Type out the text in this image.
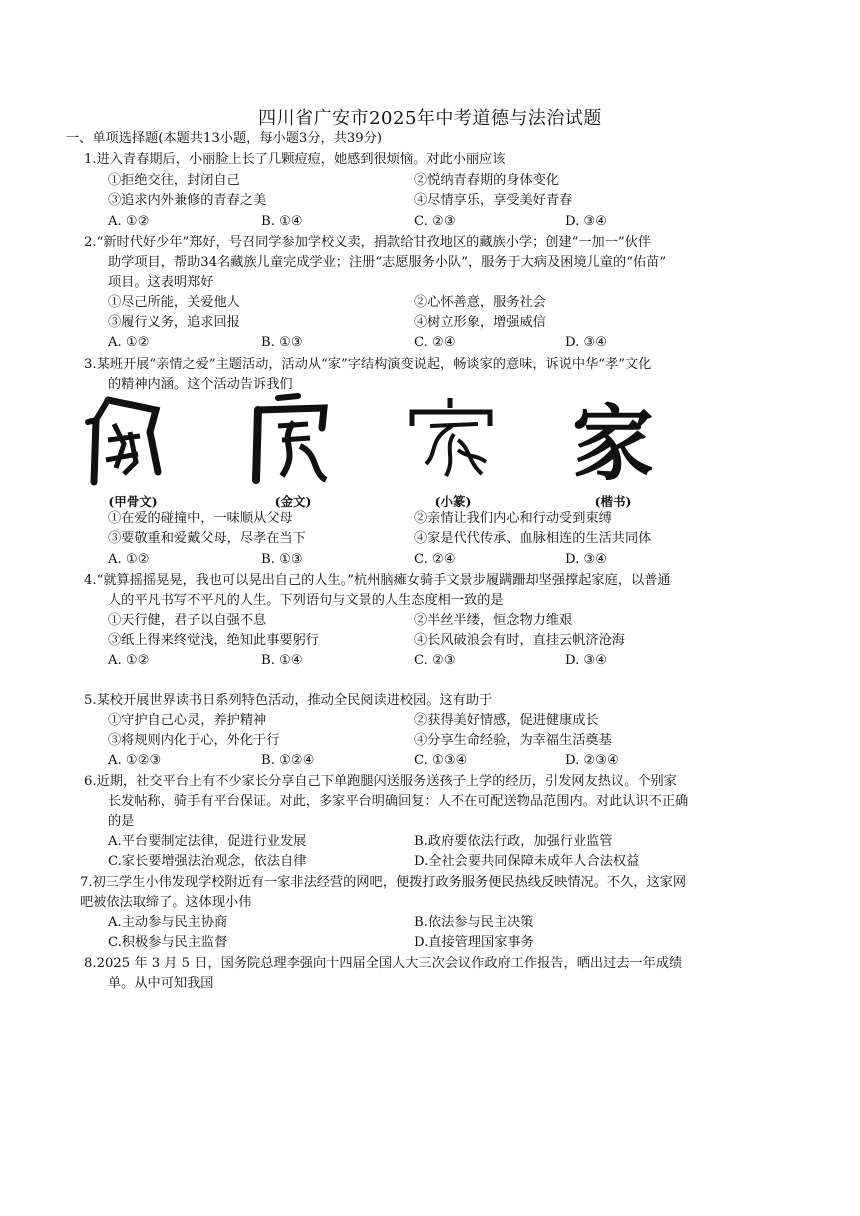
四川省广安市2025年中考道德与法治试题
一、单项选择题(本题共13小题，每小题3分，共39分)
1.进入青春期后，小丽脸上长了几颗痘痘，她感到很烦恼。对此小丽应该
①拒绝交往，封闭自己	②悦纳青春期的身体变化
③追求内外兼修的青春之美	④尽情享乐，享受美好青春
A. ①②	B. ①④	C. ②③	D. ③④
2.“新时代好少年”郑好，号召同学参加学校义卖，捐款给甘孜地区的藏族小学；创建“一加一”伙伴
助学项目，帮助34名藏族儿童完成学业；注册“志愿服务小队”，服务于大病及困境儿童的“佑苗”
项目。这表明郑好
①尽己所能，关爱他人	②心怀善意，服务社会
③履行义务，追求回报	④树立形象，增强威信
A. ①②	B. ①③	C. ②④	D. ③④
3.某班开展“亲情之爱”主题活动，活动从“家”字结构演变说起，畅谈家的意味，诉说中华“孝”文化
的精神内涵。这个活动告诉我们
(甲骨文)	(金文)	(小篆)
家
(楷书)
①在爱的碰撞中，一味顺从父母	②亲情让我们内心和行动受到束缚
③要敬重和爱戴父母，尽孝在当下	④家是代代传承、血脉相连的生活共同体
A. ①②	B. ①③	C. ②④	D. ③④
4.“就算摇摇晃晃，我也可以晃出自己的人生。”杭州脑瘫女骑手文景步履蹒跚却坚强撑起家庭，以普通
人的平凡书写不平凡的人生。下列语句与文景的人生态度相一致的是
①天行健，君子以自强不息	②半丝半缕，恒念物力维艰
③纸上得来终觉浅，绝知此事要躬行	④长风破浪会有时，直挂云帆济沧海
A. ①②	B. ①④	C. ②③	D. ③④
5.某校开展世界读书日系列特色活动，推动全民阅读进校园。这有助于
①守护自己心灵，养护精神	②获得美好情感，促进健康成长
③将规则内化于心，外化于行	④分享生命经验，为幸福生活奠基
A. ①②③	B. ①②④	C. ①③④	D. ②③④
6.近期，社交平台上有不少家长分享自己下单跑腿闪送服务送孩子上学的经历，引发网友热议。个别家
长发帖称，骑手有平台保证。对此，多家平台明确回复：人不在可配送物品范围内。对此认识不正确
的是
A.平台要制定法律，促进行业发展	B.政府要依法行政，加强行业监管
C.家长要增强法治观念，依法自律	D.全社会要共同保障未成年人合法权益
7.初三学生小伟发现学校附近有一家非法经营的网吧，便拨打政务服务便民热线反映情况。不久，这家网
吧被依法取缔了。这体现小伟
A.主动参与民主协商	B.依法参与民主决策
C.积极参与民主监督	D.直接管理国家事务
8.2025 年 3 月 5 日，国务院总理李强向十四届全国人大三次会议作政府工作报告，晒出过去一年成绩
单。从中可知我国
